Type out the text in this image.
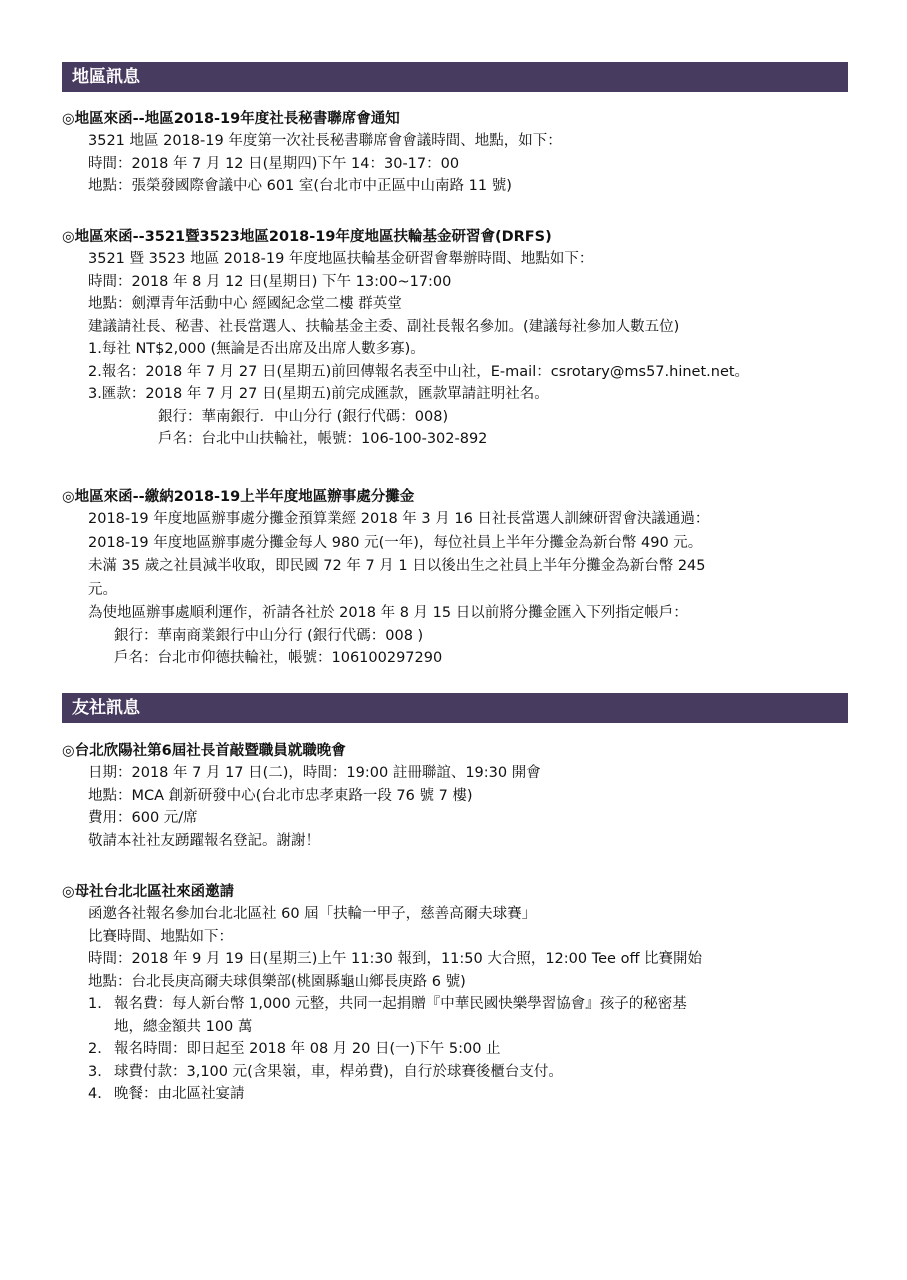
地區訊息

◎地區來函--地區2018-19年度社長秘書聯席會通知

3521 地區 2018-19 年度第一次社長秘書聯席會會議時間、地點，如下：

時間：2018 年 7 月 12 日(星期四)下午 14：30-17：00

地點：張榮發國際會議中心 601 室(台北市中正區中山南路 11 號)

◎地區來函--3521暨3523地區2018-19年度地區扶輪基金研習會(DRFS)

3521 暨 3523 地區 2018-19 年度地區扶輪基金研習會舉辦時間、地點如下：

時間：2018 年 8 月 12 日(星期日) 下午 13:00~17:00

地點：劍潭青年活動中心 經國紀念堂二樓 群英堂

建議請社長、秘書、社長當選人、扶輪基金主委、副社長報名參加。(建議每社參加人數五位)

1.每社 NT$2,000 (無論是否出席及出席人數多寡)。

2.報名：2018 年 7 月 27 日(星期五)前回傳報名表至中山社，E-mail：csrotary@ms57.hinet.net。

3.匯款：2018 年 7 月 27 日(星期五)前完成匯款，匯款單請註明社名。

銀行：華南銀行．中山分行 (銀行代碼：008)

戶名：台北中山扶輪社，帳號：106-100-302-892

◎地區來函--繳納2018-19上半年度地區辦事處分攤金

2018-19 年度地區辦事處分攤金預算業經 2018 年 3 月 16 日社長當選人訓練研習會決議通過：

2018-19 年度地區辦事處分攤金每人 980 元(一年)，每位社員上半年分攤金為新台幣 490 元。

未滿 35 歲之社員減半收取，即民國 72 年 7 月 1 日以後出生之社員上半年分攤金為新台幣 245

元。

為使地區辦事處順利運作，祈請各社於 2018 年 8 月 15 日以前將分攤金匯入下列指定帳戶：

銀行：華南商業銀行中山分行 (銀行代碼：008 )

戶名：台北市仰德扶輪社，帳號：106100297290

友社訊息

◎台北欣陽社第6屆社長首敲暨職員就職晚會

日期：2018 年 7 月 17 日(二)，時間：19:00 註冊聯誼、19:30 開會

地點：MCA 創新研發中心(台北市忠孝東路一段 76 號 7 樓)

費用：600 元/席

敬請本社社友踴躍報名登記。謝謝！

◎母社台北北區社來函邀請

函邀各社報名參加台北北區社 60 屆「扶輪一甲子，慈善高爾夫球賽」

比賽時間、地點如下：

時間：2018 年 9 月 19 日(星期三)上午 11:30 報到，11:50 大合照，12:00 Tee off 比賽開始

地點：台北長庚高爾夫球俱樂部(桃園縣龜山鄉長庚路 6 號)

1. 報名費：每人新台幣 1,000 元整，共同一起捐贈『中華民國快樂學習協會』孩子的秘密基

地，總金額共 100 萬

2. 報名時間：即日起至 2018 年 08 月 20 日(一)下午 5:00 止
3. 球費付款：3,100 元(含果嶺，車，桿弟費)，自行於球賽後櫃台支付。
4. 晚餐：由北區社宴請
